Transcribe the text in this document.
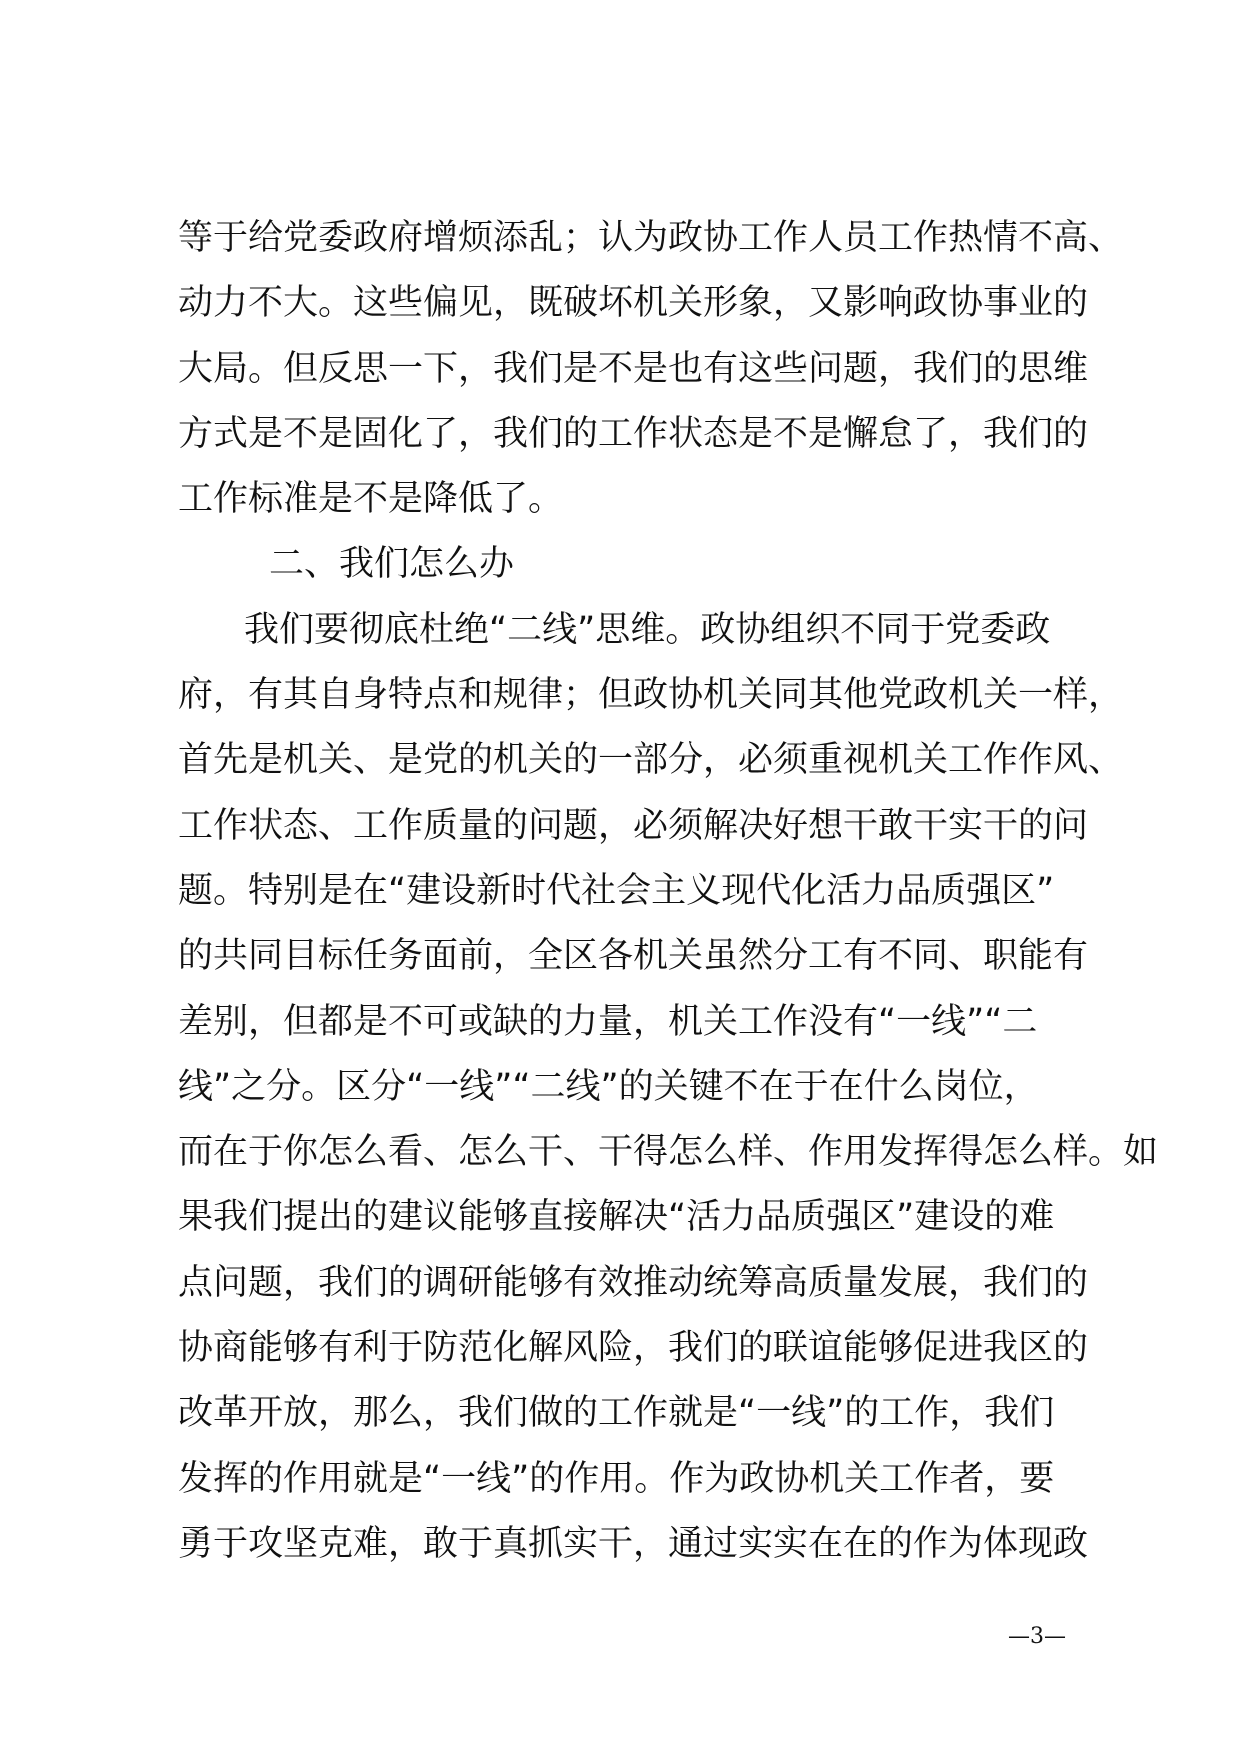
等于给党委政府增烦添乱；认为政协工作人员工作热情不高、
动力不大。这些偏见，既破坏机关形象，又影响政协事业的
大局。但反思一下，我们是不是也有这些问题，我们的思维
方式是不是固化了，我们的工作状态是不是懈怠了，我们的
工作标准是不是降低了。
二、我们怎么办
我们要彻底杜绝“二线”思维。政协组织不同于党委政
府，有其自身特点和规律；但政协机关同其他党政机关一样，
首先是机关、是党的机关的一部分，必须重视机关工作作风、
工作状态、工作质量的问题，必须解决好想干敢干实干的问
题。特别是在“建设新时代社会主义现代化活力品质强区”
的共同目标任务面前，全区各机关虽然分工有不同、职能有
差别，但都是不可或缺的力量，机关工作没有“一线”“二
线”之分。区分“一线”“二线”的关键不在于在什么岗位，
而在于你怎么看、怎么干、干得怎么样、作用发挥得怎么样。如
果我们提出的建议能够直接解决“活力品质强区”建设的难
点问题，我们的调研能够有效推动统筹高质量发展，我们的
协商能够有利于防范化解风险，我们的联谊能够促进我区的
改革开放，那么，我们做的工作就是“一线”的工作，我们
发挥的作用就是“一线”的作用。作为政协机关工作者，要
勇于攻坚克难，敢于真抓实干，通过实实在在的作为体现政
—3—
